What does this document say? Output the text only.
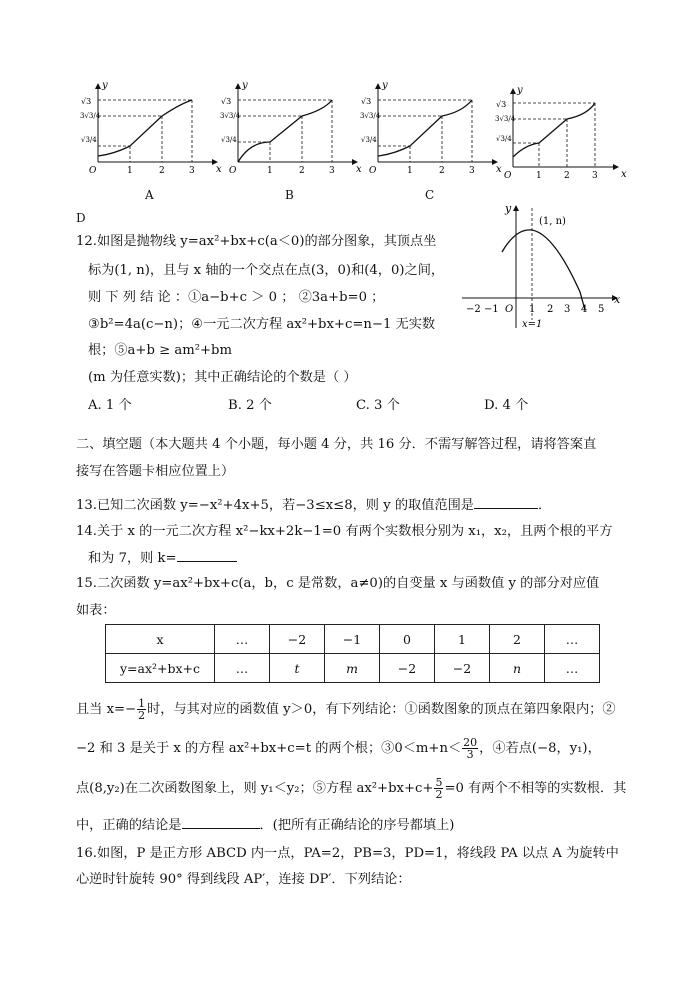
√3
3√3/4
√3/4
O	1	2	3 x
y
A
√3
3√3/4
√3/4
O	1	2	3 x
y
B
√3
3√3/4
√3/4
O	1	2	3 x
y
C
√3
3√3/4
√3/4
O	1 2 3 x
y
D
12.如图是抛物线 y=ax²+bx+c(a＜0)的部分图象，其顶点坐
标为(1, n)，且与 x 轴的一个交点在点(3，0)和(4，0)之间，
则 下 列 结 论 ：①a−b+c ＞ 0 ； ②3a+b=0 ；
③b²=4a(c−n)；④一元二次方程 ax²+bx+c=n−1 无实数
根；⑤a+b ≥ am²+bm
(m 为任意实数)；其中正确结论的个数是（ ）
A. 1 个	B. 2 个	C. 3 个	D. 4 个
(1, n)
−2 −1 O 1 2 3 4 5
x
y
x=1
二、填空题（本大题共 4 个小题，每小题 4 分，共 16 分．不需写解答过程，请将答案直
接写在答题卡相应位置上）
13.已知二次函数 y=−x²+4x+5，若−3≤x≤8，则 y 的取值范围是	．
14.关于 x 的一元二次方程 x²−kx+2k−1=0 有两个实数根分别为 x₁，x₂，且两个根的平方
和为 7，则 k=
15.二次函数 y=ax²+bx+c(a，b，c 是常数，a≠0)的自变量 x 与函数值 y 的部分对应值
如表：
x	…	−2	−1	0	1	2	…
y=ax²+bx+c	…	t	m	−2	−2	n	…
且当 $x=- \frac{1}{2}$ 时，与其对应的函数值 y＞0，有下列结论：①函数图象的顶点在第四象限内；②
−2 和 3 是关于 x 的方程 ax²+bx+c=t 的两个根；③0＜m+n＜ $\frac{20}{3}$ ，④若点(−8，y₁)，
点(8,y₂)在二次函数图象上，则 y₁＜y₂；⑤方程 $ax^2+bx+c+ \frac{5}{2} =0$ 有两个不相等的实数根．其
中，正确的结论是	．(把所有正确结论的序号都填上)
16.如图，P 是正方形 ABCD 内一点，PA=2，PB=3，PD=1，将线段 PA 以点 A 为旋转中
心逆时针旋转 90° 得到线段 AP′，连接 DP′．下列结论：
